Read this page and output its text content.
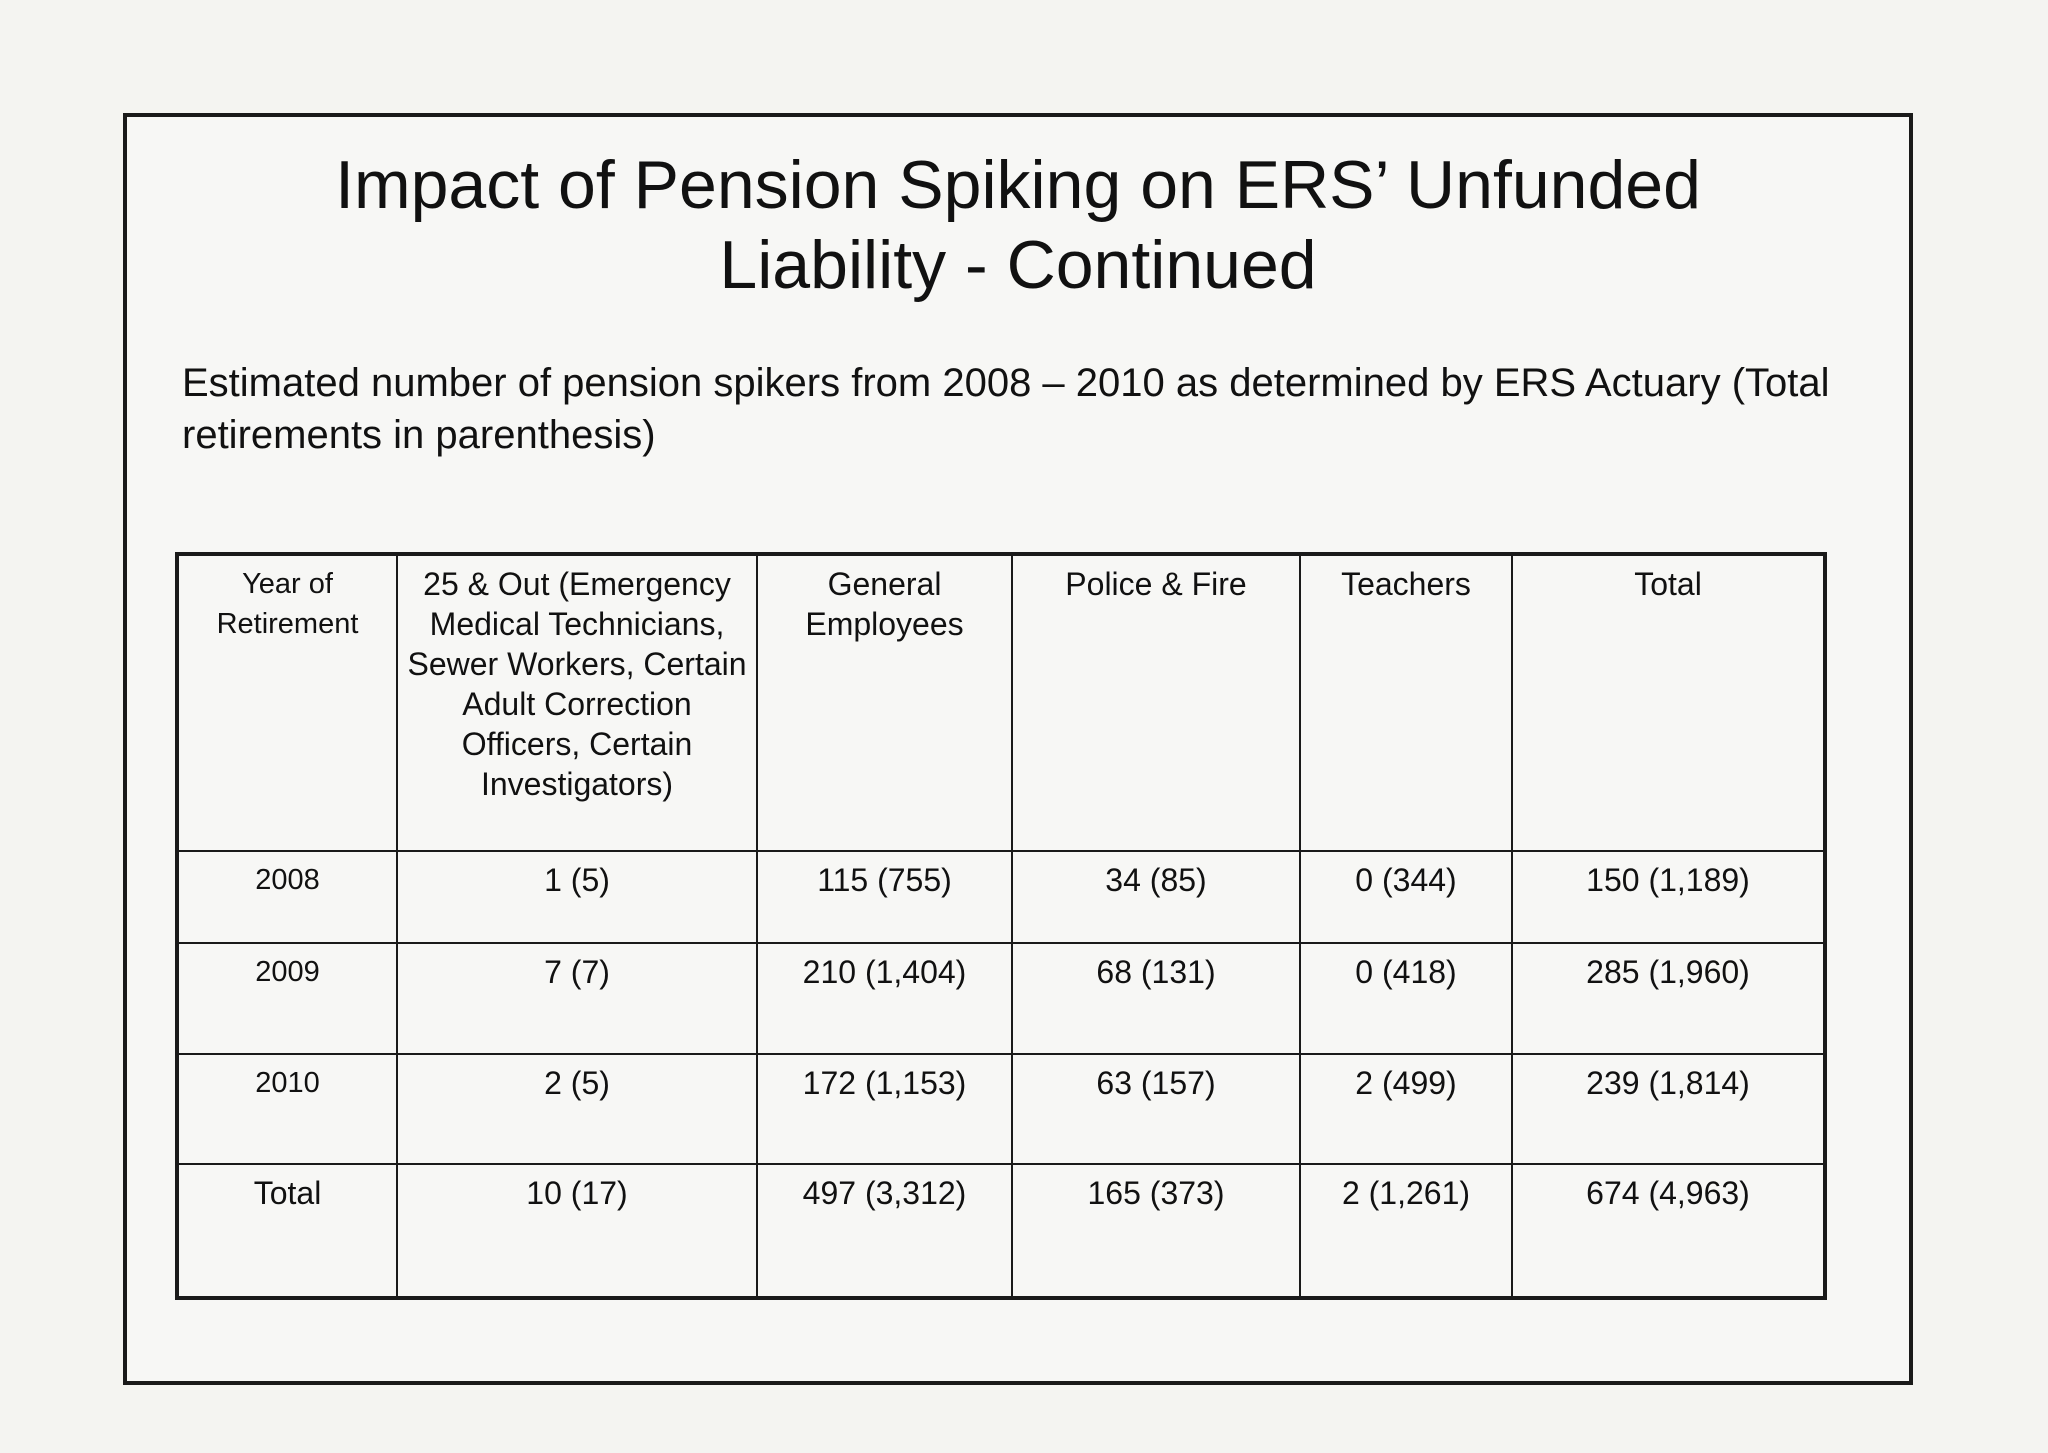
Impact of Pension Spiking on ERS’ Unfunded
Liability - Continued

Estimated number of pension spikers from 2008 – 2010 as determined by ERS Actuary (Total retirements in parenthesis)

Year of Retirement	25 & Out (Emergency Medical Technicians, Sewer Workers, Certain Adult Correction Officers, Certain Investigators)	General Employees	Police & Fire	Teachers	Total
2008	1 (5)	115 (755)	34 (85)	0 (344)	150 (1,189)
2009	7 (7)	210 (1,404)	68 (131)	0 (418)	285 (1,960)
2010	2 (5)	172 (1,153)	63 (157)	2 (499)	239 (1,814)
Total	10 (17)	497 (3,312)	165 (373)	2 (1,261)	674 (4,963)
